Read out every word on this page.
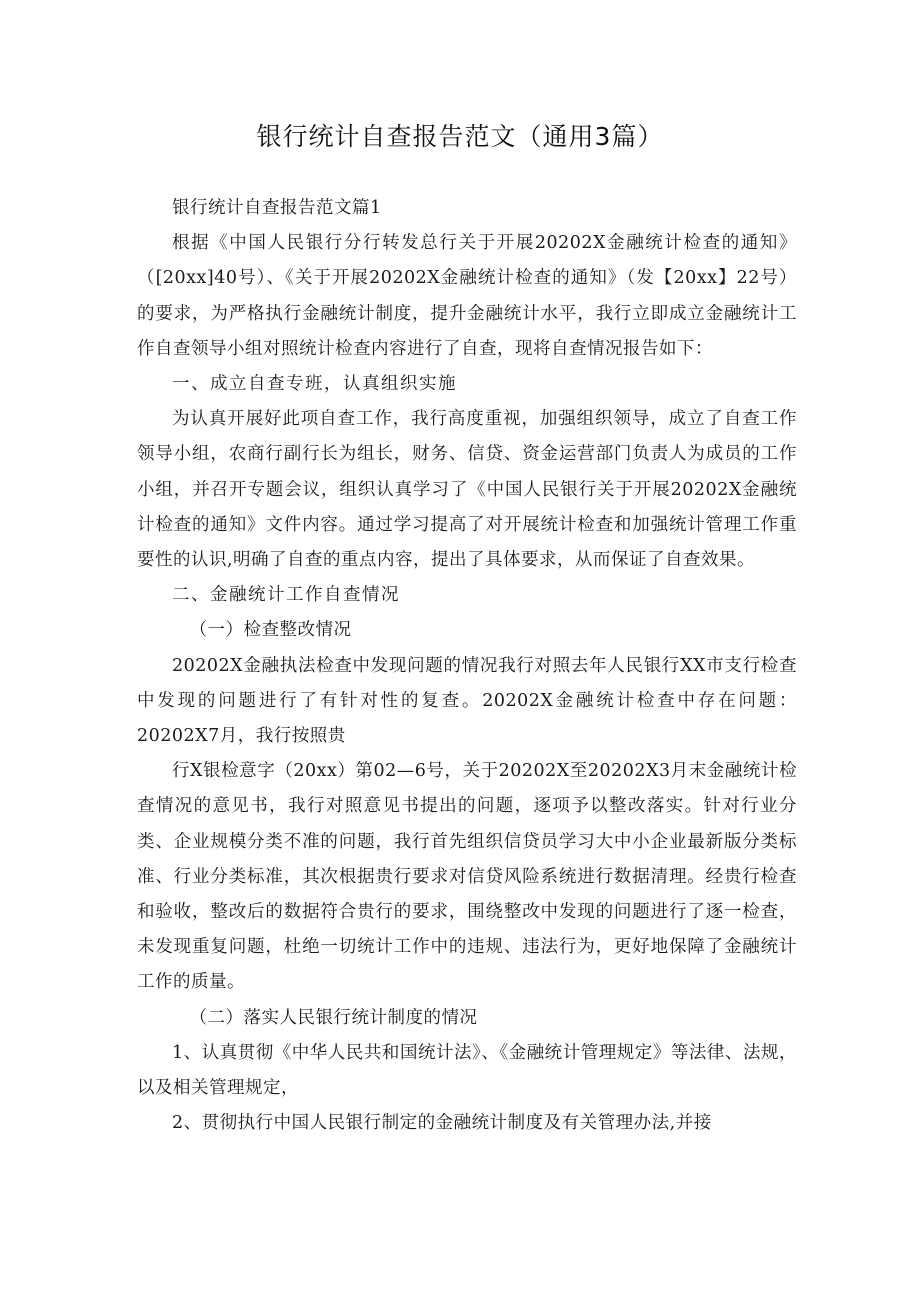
银行统计自查报告范文（通用3篇）

银行统计自查报告范文篇1

根据《中国人民银行分行转发总行关于开展20202X金融统计检查的通知》（[20xx]40号）、《关于开展20202X金融统计检查的通知》（发【20xx】22号）的要求，为严格执行金融统计制度，提升金融统计水平，我行立即成立金融统计工作自查领导小组对照统计检查内容进行了自查，现将自查情况报告如下：

一、成立自查专班，认真组织实施

为认真开展好此项自查工作，我行高度重视，加强组织领导，成立了自查工作领导小组，农商行副行长为组长，财务、信贷、资金运营部门负责人为成员的工作小组，并召开专题会议，组织认真学习了《中国人民银行关于开展20202X金融统计检查的通知》文件内容。通过学习提高了对开展统计检查和加强统计管理工作重要性的认识,明确了自查的重点内容，提出了具体要求，从而保证了自查效果。

二、金融统计工作自查情况

（一）检查整改情况

20202X金融执法检查中发现问题的情况我行对照去年人民银行XX市支行检查中发现的问题进行了有针对性的复查。20202X金融统计检查中存在问题：20202X7月，我行按照贵

行X银检意字（20xx）第02—6号，关于20202X至20202X3月末金融统计检查情况的意见书，我行对照意见书提出的问题，逐项予以整改落实。针对行业分类、企业规模分类不准的问题，我行首先组织信贷员学习大中小企业最新版分类标准、行业分类标准，其次根据贵行要求对信贷风险系统进行数据清理。经贵行检查和验收，整改后的数据符合贵行的要求，围绕整改中发现的问题进行了逐一检查，未发现重复问题，杜绝一切统计工作中的违规、违法行为，更好地保障了金融统计工作的质量。

（二）落实人民银行统计制度的情况

1、认真贯彻《中华人民共和国统计法》、《金融统计管理规定》等法律、法规，以及相关管理规定，

2、贯彻执行中国人民银行制定的金融统计制度及有关管理办法,并接
